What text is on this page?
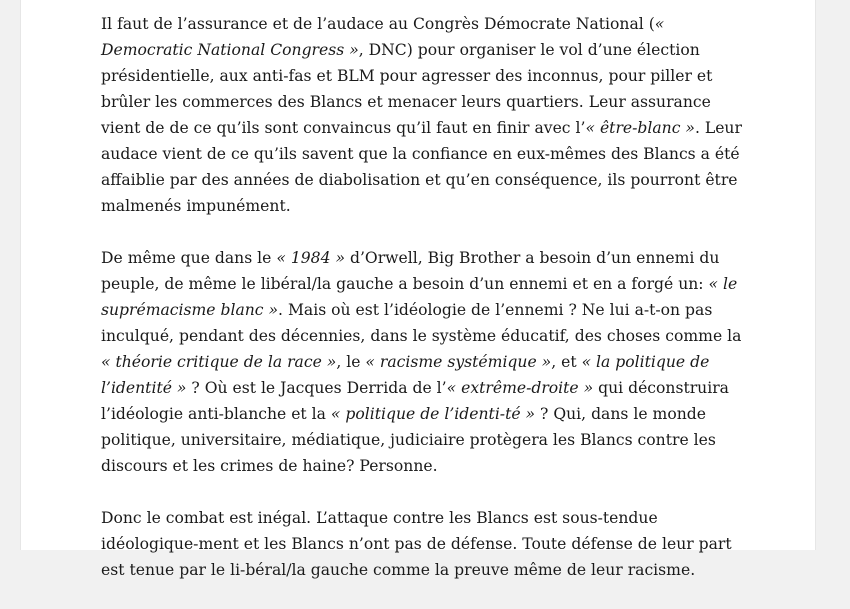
Il faut de l’assurance et de l’audace au Congrès Démocrate National (« Democratic National Congress », DNC) pour organiser le vol d’une élection présidentielle, aux anti-fas et BLM pour agresser des inconnus, pour piller et brûler les commerces des Blancs et menacer leurs quartiers. Leur assurance vient de de ce qu’ils sont convaincus qu’il faut en finir avec l’« être-blanc ». Leur audace vient de ce qu’ils savent que la confiance en eux-mêmes des Blancs a été affaiblie par des années de diabolisation et qu’en conséquence, ils pourront être malmenés impunément.

De même que dans le « 1984 » d’Orwell, Big Brother a besoin d’un ennemi du peuple, de même le libéral/la gauche a besoin d’un ennemi et en a forgé un: « le suprémacisme blanc ». Mais où est l’idéologie de l’ennemi ? Ne lui a-t-on pas inculqué, pendant des décennies, dans le système éducatif, des choses comme la « théorie critique de la race », le « racisme systémique », et « la politique de l’identité » ? Où est le Jacques Derrida de l’« extrême-droite » qui déconstruira l’idéologie anti-blanche et la « politique de l’identi-té » ? Qui, dans le monde politique, universitaire, médiatique, judiciaire protègera les Blancs contre les discours et les crimes de haine? Personne.

Donc le combat est inégal. L’attaque contre les Blancs est sous-tendue idéologique-ment et les Blancs n’ont pas de défense. Toute défense de leur part est tenue par le li-béral/la gauche comme la preuve même de leur racisme.
